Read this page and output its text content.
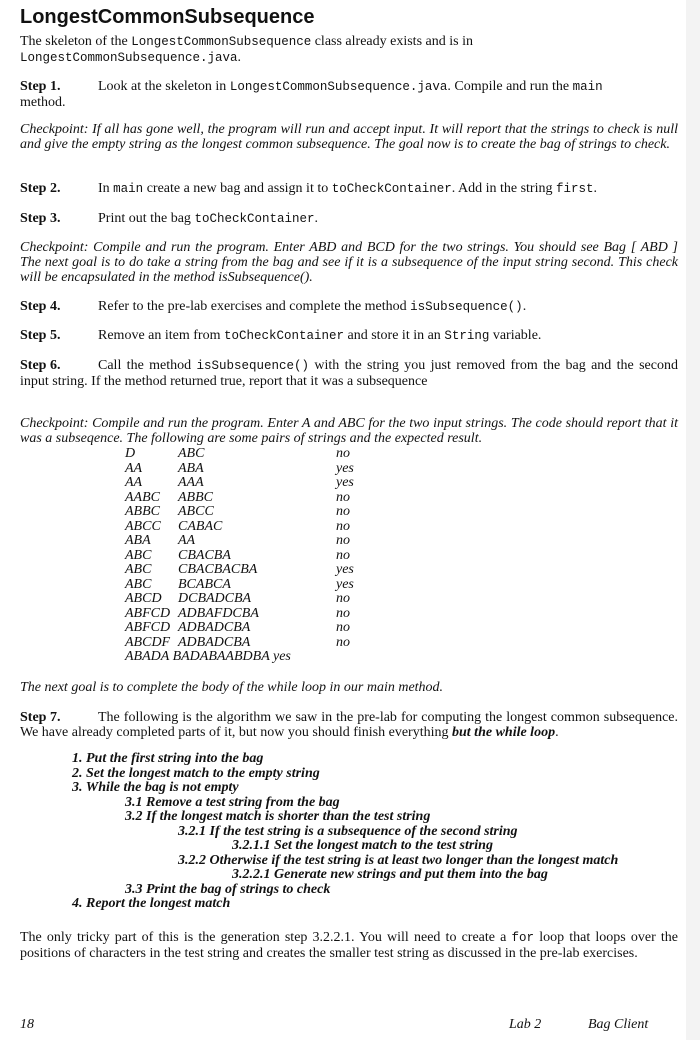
LongestCommonSubsequence
The skeleton of the LongestCommonSubsequence class already exists and is in
LongestCommonSubsequence.java.
Step 1.	Look at the skeleton in LongestCommonSubsequence.java. Compile and run the main
method.
Checkpoint: If all has gone well, the program will run and accept input. It will report that the strings to check is null and give the empty string as the longest common subsequence. The goal now is to create the bag of strings to check.
Step 2.	In main create a new bag and assign it to toCheckContainer. Add in the string first.
Step 3.	Print out the bag toCheckContainer.
Checkpoint: Compile and run the program. Enter ABD and BCD for the two strings. You should see Bag [ ABD ] The next goal is to do take a string from the bag and see if it is a subsequence of the input string second. This check will be encapsulated in the method isSubsequence().
Step 4.	Refer to the pre-lab exercises and complete the method isSubsequence().
Step 5.	Remove an item from toCheckContainer and store it in an String variable.
Step 6.	Call the method isSubsequence() with the string you just removed from the bag and the second input string. If the method returned true, report that it was a subsequence
Checkpoint: Compile and run the program. Enter A and ABC for the two input strings. The code should report that it was a subseqence. The following are some pairs of strings and the expected result.
D	ABC	no
AA	ABA	yes
AA	AAA	yes
AABC ABBC	no
ABBC ABCC	no
ABCC CABAC	no
ABA AA	no
ABC CBACBA	no
ABC CBACBACBA	yes
ABC BCABCA	yes
ABCD DCBADCBA	no
ABFCD ADBAFDCBA	no
ABFCD ADBADCBA	no
ABCDF ADBADCBA	no
ABADA BADABAABDBA yes
The next goal is to complete the body of the while loop in our main method.
Step 7.	The following is the algorithm we saw in the pre-lab for computing the longest common subsequence. We have already completed parts of it, but now you should finish everything but the while loop.
1. Put the first string into the bag
2. Set the longest match to the empty string
3. While the bag is not empty
3.1 Remove a test string from the bag
3.2 If the longest match is shorter than the test string
3.2.1 If the test string is a subsequence of the second string
3.2.1.1 Set the longest match to the test string
3.2.2 Otherwise if the test string is at least two longer than the longest match
3.2.2.1 Generate new strings and put them into the bag
3.3 Print the bag of strings to check
4. Report the longest match
The only tricky part of this is the generation step 3.2.2.1. You will need to create a for loop that loops over the positions of characters in the test string and creates the smaller test string as discussed in the pre-lab exercises.
18	Lab 2	Bag Client
